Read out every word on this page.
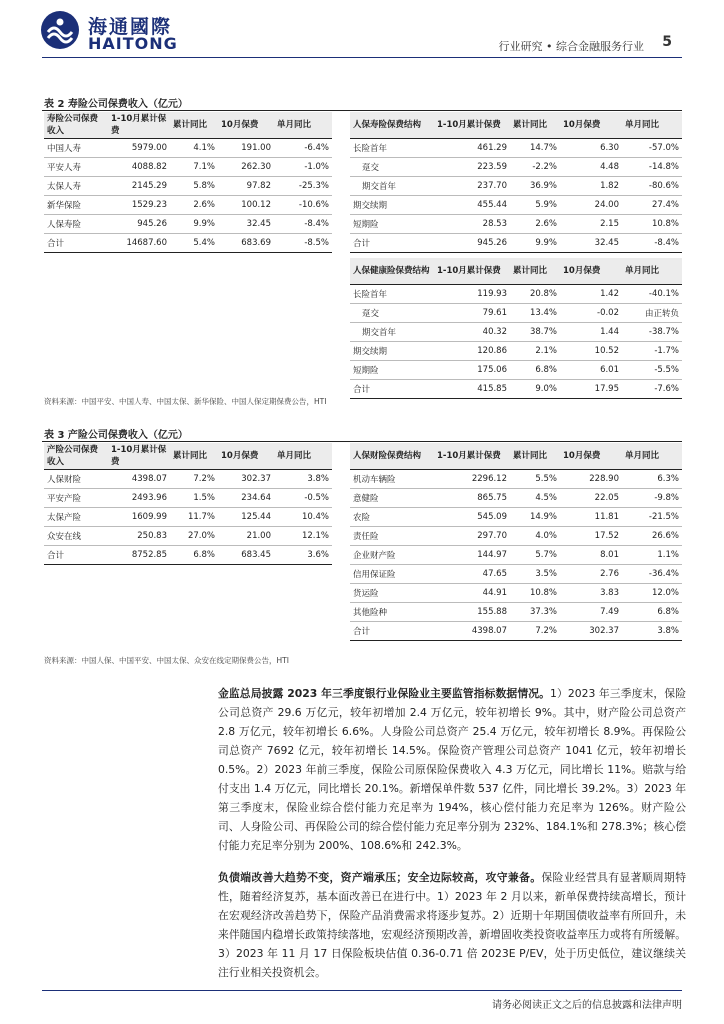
海通國際
HAITONG	行业研究 • 综合金融服务行业 5
表 2 寿险公司保费收入（亿元）
寿险公司保费收入	1-10月累计保费	累计同比	10月保费	单月同比
中国人寿	5979.00	4.1%	191.00	-6.4%
平安人寿	4088.82	7.1%	262.30	-1.0%
太保人寿	2145.29	5.8%	97.82	-25.3%
新华保险	1529.23	2.6%	100.12	-10.6%
人保寿险	945.26	9.9%	32.45	-8.4%
合计	14687.60	5.4%	683.69	-8.5%
人保寿险保费结构	1-10月累计保费	累计同比	10月保费	单月同比
长险首年	461.29	14.7%	6.30	-57.0%
趸交	223.59	-2.2%	4.48	-14.8%
期交首年	237.70	36.9%	1.82	-80.6%
期交续期	455.44	5.9%	24.00	27.4%
短期险	28.53	2.6%	2.15	10.8%
合计	945.26	9.9%	32.45	-8.4%
人保健康险保费结构	1-10月累计保费	累计同比	10月保费	单月同比
长险首年	119.93	20.8%	1.42	-40.1%
趸交	79.61	13.4%	-0.02	由正转负
期交首年	40.32	38.7%	1.44	-38.7%
期交续期	120.86	2.1%	10.52	-1.7%
短期险	175.06	6.8%	6.01	-5.5%
合计	415.85	9.0%	17.95	-7.6%
资料来源：中国平安、中国人寿、中国太保、新华保险、中国人保定期保费公告，HTI
表 3 产险公司保费收入（亿元）
产险公司保费收入	1-10月累计保费	累计同比	10月保费	单月同比
人保财险	4398.07	7.2%	302.37	3.8%
平安产险	2493.96	1.5%	234.64	-0.5%
太保产险	1609.99	11.7%	125.44	10.4%
众安在线	250.83	27.0%	21.00	12.1%
合计	8752.85	6.8%	683.45	3.6%
人保财险保费结构	1-10月累计保费	累计同比	10月保费	单月同比
机动车辆险	2296.12	5.5%	228.90	6.3%
意健险	865.75	4.5%	22.05	-9.8%
农险	545.09	14.9%	11.81	-21.5%
责任险	297.70	4.0%	17.52	26.6%
企业财产险	144.97	5.7%	8.01	1.1%
信用保证险	47.65	3.5%	2.76	-36.4%
货运险	44.91	10.8%	3.83	12.0%
其他险种	155.88	37.3%	7.49	6.8%
合计	4398.07	7.2%	302.37	3.8%
资料来源：中国人保、中国平安、中国太保、众安在线定期保费公告，HTI
金监总局披露 2023 年三季度银行业保险业主要监管指标数据情况。1）2023 年三季度末，保险公司总资产 29.6 万亿元，较年初增加 2.4 万亿元，较年初增长 9%。其中，财产险公司总资产 2.8 万亿元，较年初增长 6.6%。人身险公司总资产 25.4 万亿元，较年初增长 8.9%。再保险公司总资产 7692 亿元，较年初增长 14.5%。保险资产管理公司总资产 1041 亿元，较年初增长 0.5%。2）2023 年前三季度，保险公司原保险保费收入 4.3 万亿元，同比增长 11%。赔款与给付支出 1.4 万亿元，同比增长 20.1%。新增保单件数 537 亿件，同比增长 39.2%。3）2023 年第三季度末，保险业综合偿付能力充足率为 194%，核心偿付能力充足率为 126%。财产险公司、人身险公司、再保险公司的综合偿付能力充足率分别为 232%、184.1%和 278.3%；核心偿付能力充足率分别为 200%、108.6%和 242.3%。
负债端改善大趋势不变，资产端承压；安全边际较高，攻守兼备。保险业经营具有显著顺周期特性，随着经济复苏，基本面改善已在进行中。1）2023 年 2 月以来，新单保费持续高增长，预计在宏观经济改善趋势下，保险产品消费需求将逐步复苏。2）近期十年期国债收益率有所回升，未来伴随国内稳增长政策持续落地，宏观经济预期改善，新增固收类投资收益率压力或将有所缓解。3）2023 年 11 月 17 日保险板块估值 0.36-0.71 倍 2023E P/EV，处于历史低位，建议继续关注行业相关投资机会。
请务必阅读正文之后的信息披露和法律声明
